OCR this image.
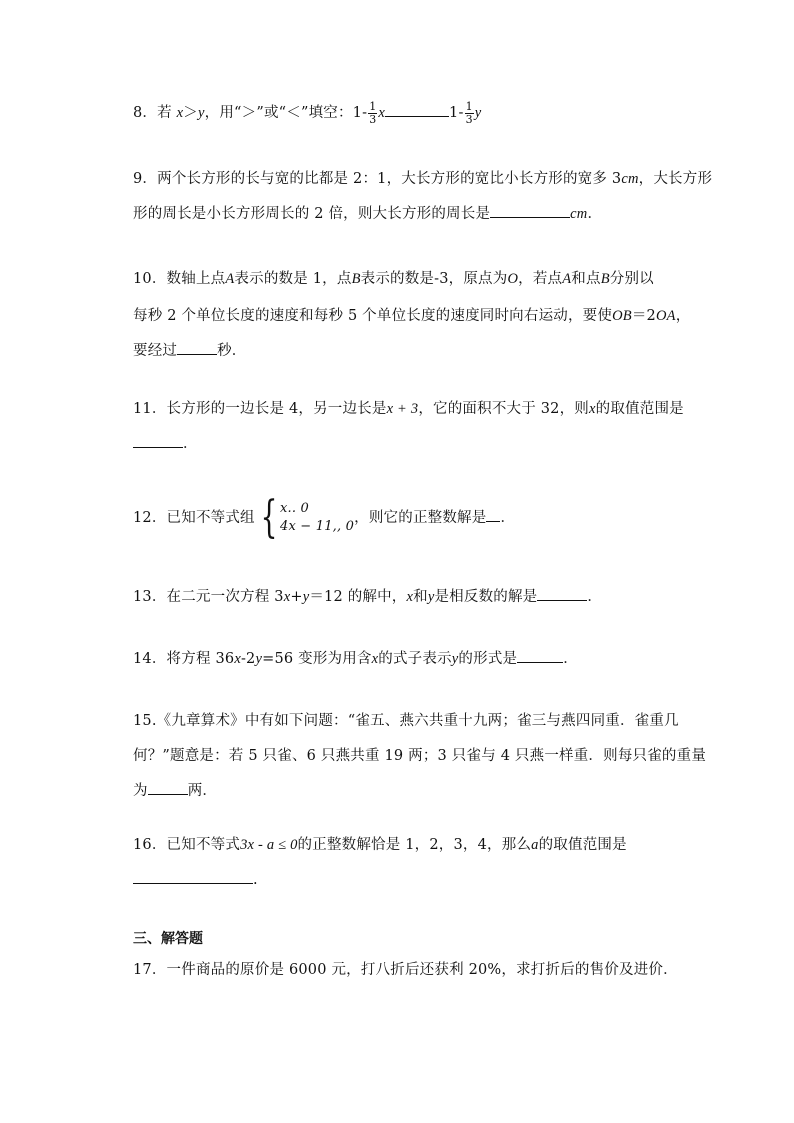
8．若 x＞y，用“＞”或“＜”填空：$1- \frac{1}{3}$ x	$1- \frac{1}{3}$ y
9．两个长方形的长与宽的比都是 2：1，大长方形的宽比小长方形的宽多 3cm，大长方形
形的周长是小长方形周长的 2 倍，则大长方形的周长是	cm．
10．数轴上点A表示的数是 1，点B表示的数是-3，原点为O，若点A和点B分别以
每秒 2 个单位长度的速度和每秒 5 个单位长度的速度同时向右运动，要使OB＝2OA，
要经过	秒．
11．长方形的一边长是 4，另一边长是x + 3，它的面积不大于 32，则x的取值范围是
．
12．已知不等式组 { x.. 0
4x − 11,, 0
，则它的正整数解是 ．
13．在二元一次方程 3x+y＝12 的解中，x和y是相反数的解是	．
14．将方程 36x-2y=56 变形为用含x的式子表示y的形式是	．
15.《九章算术》中有如下问题：“雀五、燕六共重十九两；雀三与燕四同重．雀重几
何？”题意是：若 5 只雀、6 只燕共重 19 两；3 只雀与 4 只燕一样重．则每只雀的重量
为	两．
16．已知不等式3x - a ≤ 0的正整数解恰是 1，2，3，4，那么a的取值范围是
.
三、解答题
17．一件商品的原价是 6000 元，打八折后还获利 20%，求打折后的售价及进价．
